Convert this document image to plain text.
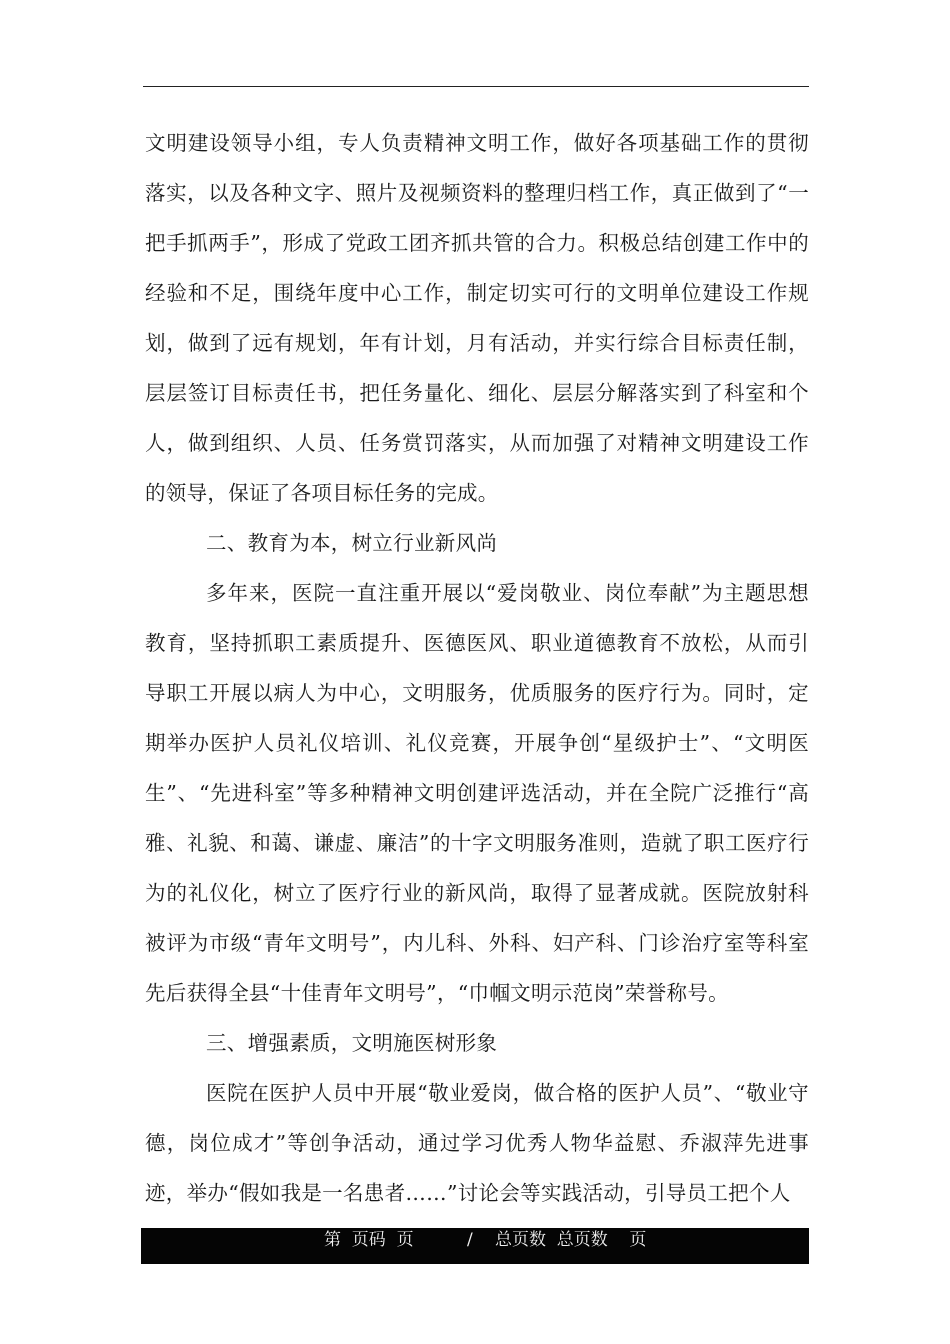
文明建设领导小组，专人负责精神文明工作，做好各项基础工作的贯彻落实，以及各种文字、照片及视频资料的整理归档工作，真正做到了“一把手抓两手”，形成了党政工团齐抓共管的合力。积极总结创建工作中的经验和不足，围绕年度中心工作，制定切实可行的文明单位建设工作规划，做到了远有规划，年有计划，月有活动，并实行综合目标责任制，层层签订目标责任书，把任务量化、细化、层层分解落实到了科室和个人，做到组织、人员、任务赏罚落实，从而加强了对精神文明建设工作的领导，保证了各项目标任务的完成。

二、教育为本，树立行业新风尚

多年来，医院一直注重开展以“爱岗敬业、岗位奉献”为主题思想教育，坚持抓职工素质提升、医德医风、职业道德教育不放松，从而引导职工开展以病人为中心，文明服务，优质服务的医疗行为。同时，定期举办医护人员礼仪培训、礼仪竞赛，开展争创“星级护士”、“文明医生”、“先进科室”等多种精神文明创建评选活动，并在全院广泛推行“高雅、礼貌、和蔼、谦虚、廉洁”的十字文明服务准则，造就了职工医疗行为的礼仪化，树立了医疗行业的新风尚，取得了显著成就。医院放射科被评为市级“青年文明号”，内儿科、外科、妇产科、门诊治疗室等科室先后获得全县“十佳青年文明号”，“巾帼文明示范岗”荣誉称号。

三、增强素质，文明施医树形象

医院在医护人员中开展“敬业爱岗，做合格的医护人员”、“敬业守德，岗位成才”等创争活动，通过学习优秀人物华益慰、乔淑萍先进事迹，举办“假如我是一名患者……”讨论会等实践活动，引导员工把个人

第  页码  页	/ 总页数  总页数    页
